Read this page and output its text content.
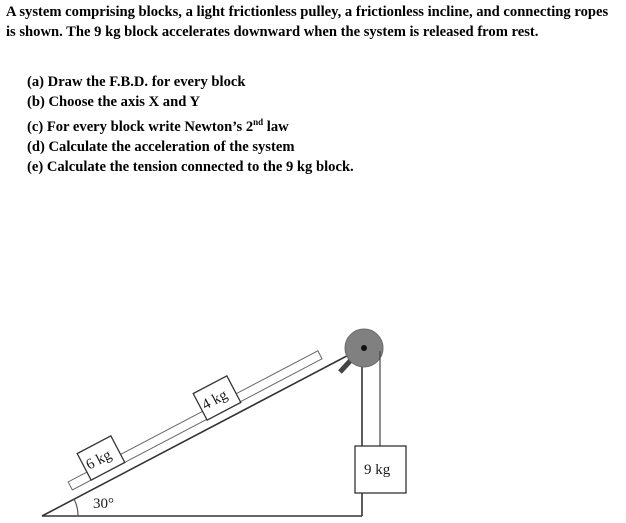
A system comprising blocks, a light frictionless pulley, a frictionless incline, and connecting ropes is shown. The 9 kg block accelerates downward when the system is released from rest.

(a) Draw the F.B.D. for every block
(b) Choose the axis X and Y
(c) For every block write Newton’s 2nd law
(d) Calculate the acceleration of the system
(e) Calculate the tension connected to the 9 kg block.
30°
6 kg
4 kg
9 kg
